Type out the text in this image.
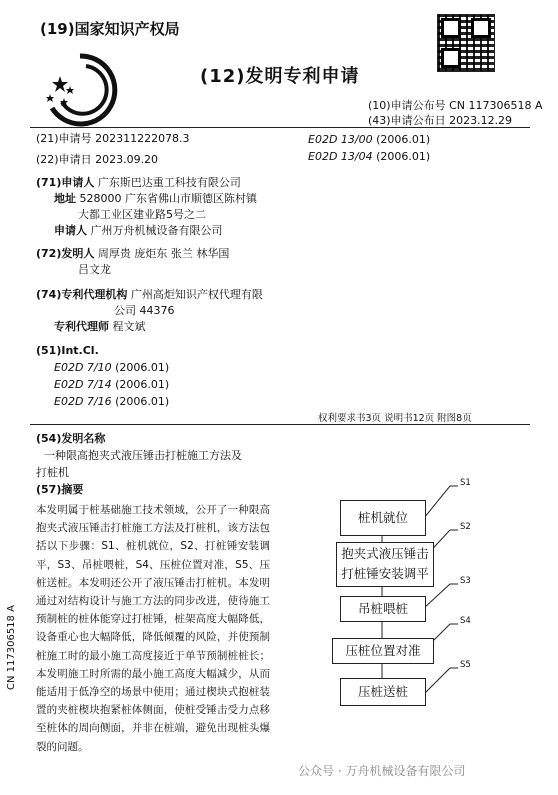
(19)国家知识产权局
(12)发明专利申请
(10)申请公布号 CN 117306518 A
(43)申请公布日 2023.12.29
(21)申请号 202311222078.3
(22)申请日 2023.09.20
(71)申请人 广东斯巴达重工科技有限公司
地址 528000 广东省佛山市顺德区陈村镇
大都工业区建业路5号之二
申请人 广州万舟机械设备有限公司
(72)发明人 周厚贵 庞炬东 张兰 林华国
吕文龙
(74)专利代理机构 广州高炬知识产权代理有限
公司 44376
专利代理师 程文斌
(51)Int.Cl.
E02D 7/10 (2006.01)
E02D 7/14 (2006.01)
E02D 7/16 (2006.01)
E02D 13/00 (2006.01)
E02D 13/04 (2006.01)
权利要求书3页 说明书12页 附图8页
(54)发明名称
一种限高抱夹式液压锤击打桩施工方法及
打桩机
(57)摘要
本发明属于桩基础施工技术领域，公开了一种限高抱夹式液压锤击打桩施工方法及打桩机，该方法包括以下步骤：S1、桩机就位，S2、打桩锤安装调平，S3、吊桩喂桩，S4、压桩位置对准，S5、压桩送桩。本发明还公开了液压锤击打桩机。本发明通过对结构设计与施工方法的同步改进，使待施工预制桩的桩体能穿过打桩锤，桩架高度大幅降低，设备重心也大幅降低，降低倾覆的风险，并使预制桩施工时的最小施工高度接近于单节预制桩桩长；本发明施工时所需的最小施工高度大幅减少，从而能适用于低净空的场景中使用；通过楔块式抱桩装置的夹桩楔块抱紧桩体侧面，使桩受锤击受力点移至桩体的周向侧面，并非在桩端，避免出现桩头爆裂的问题。
桩机就位
抱夹式液压锤击打桩锤安装调平
吊桩喂桩
压桩位置对准
压桩送桩
S1
S2
S3
S4
S5
CN 117306518 A
公众号 · 万舟机械设备有限公司
